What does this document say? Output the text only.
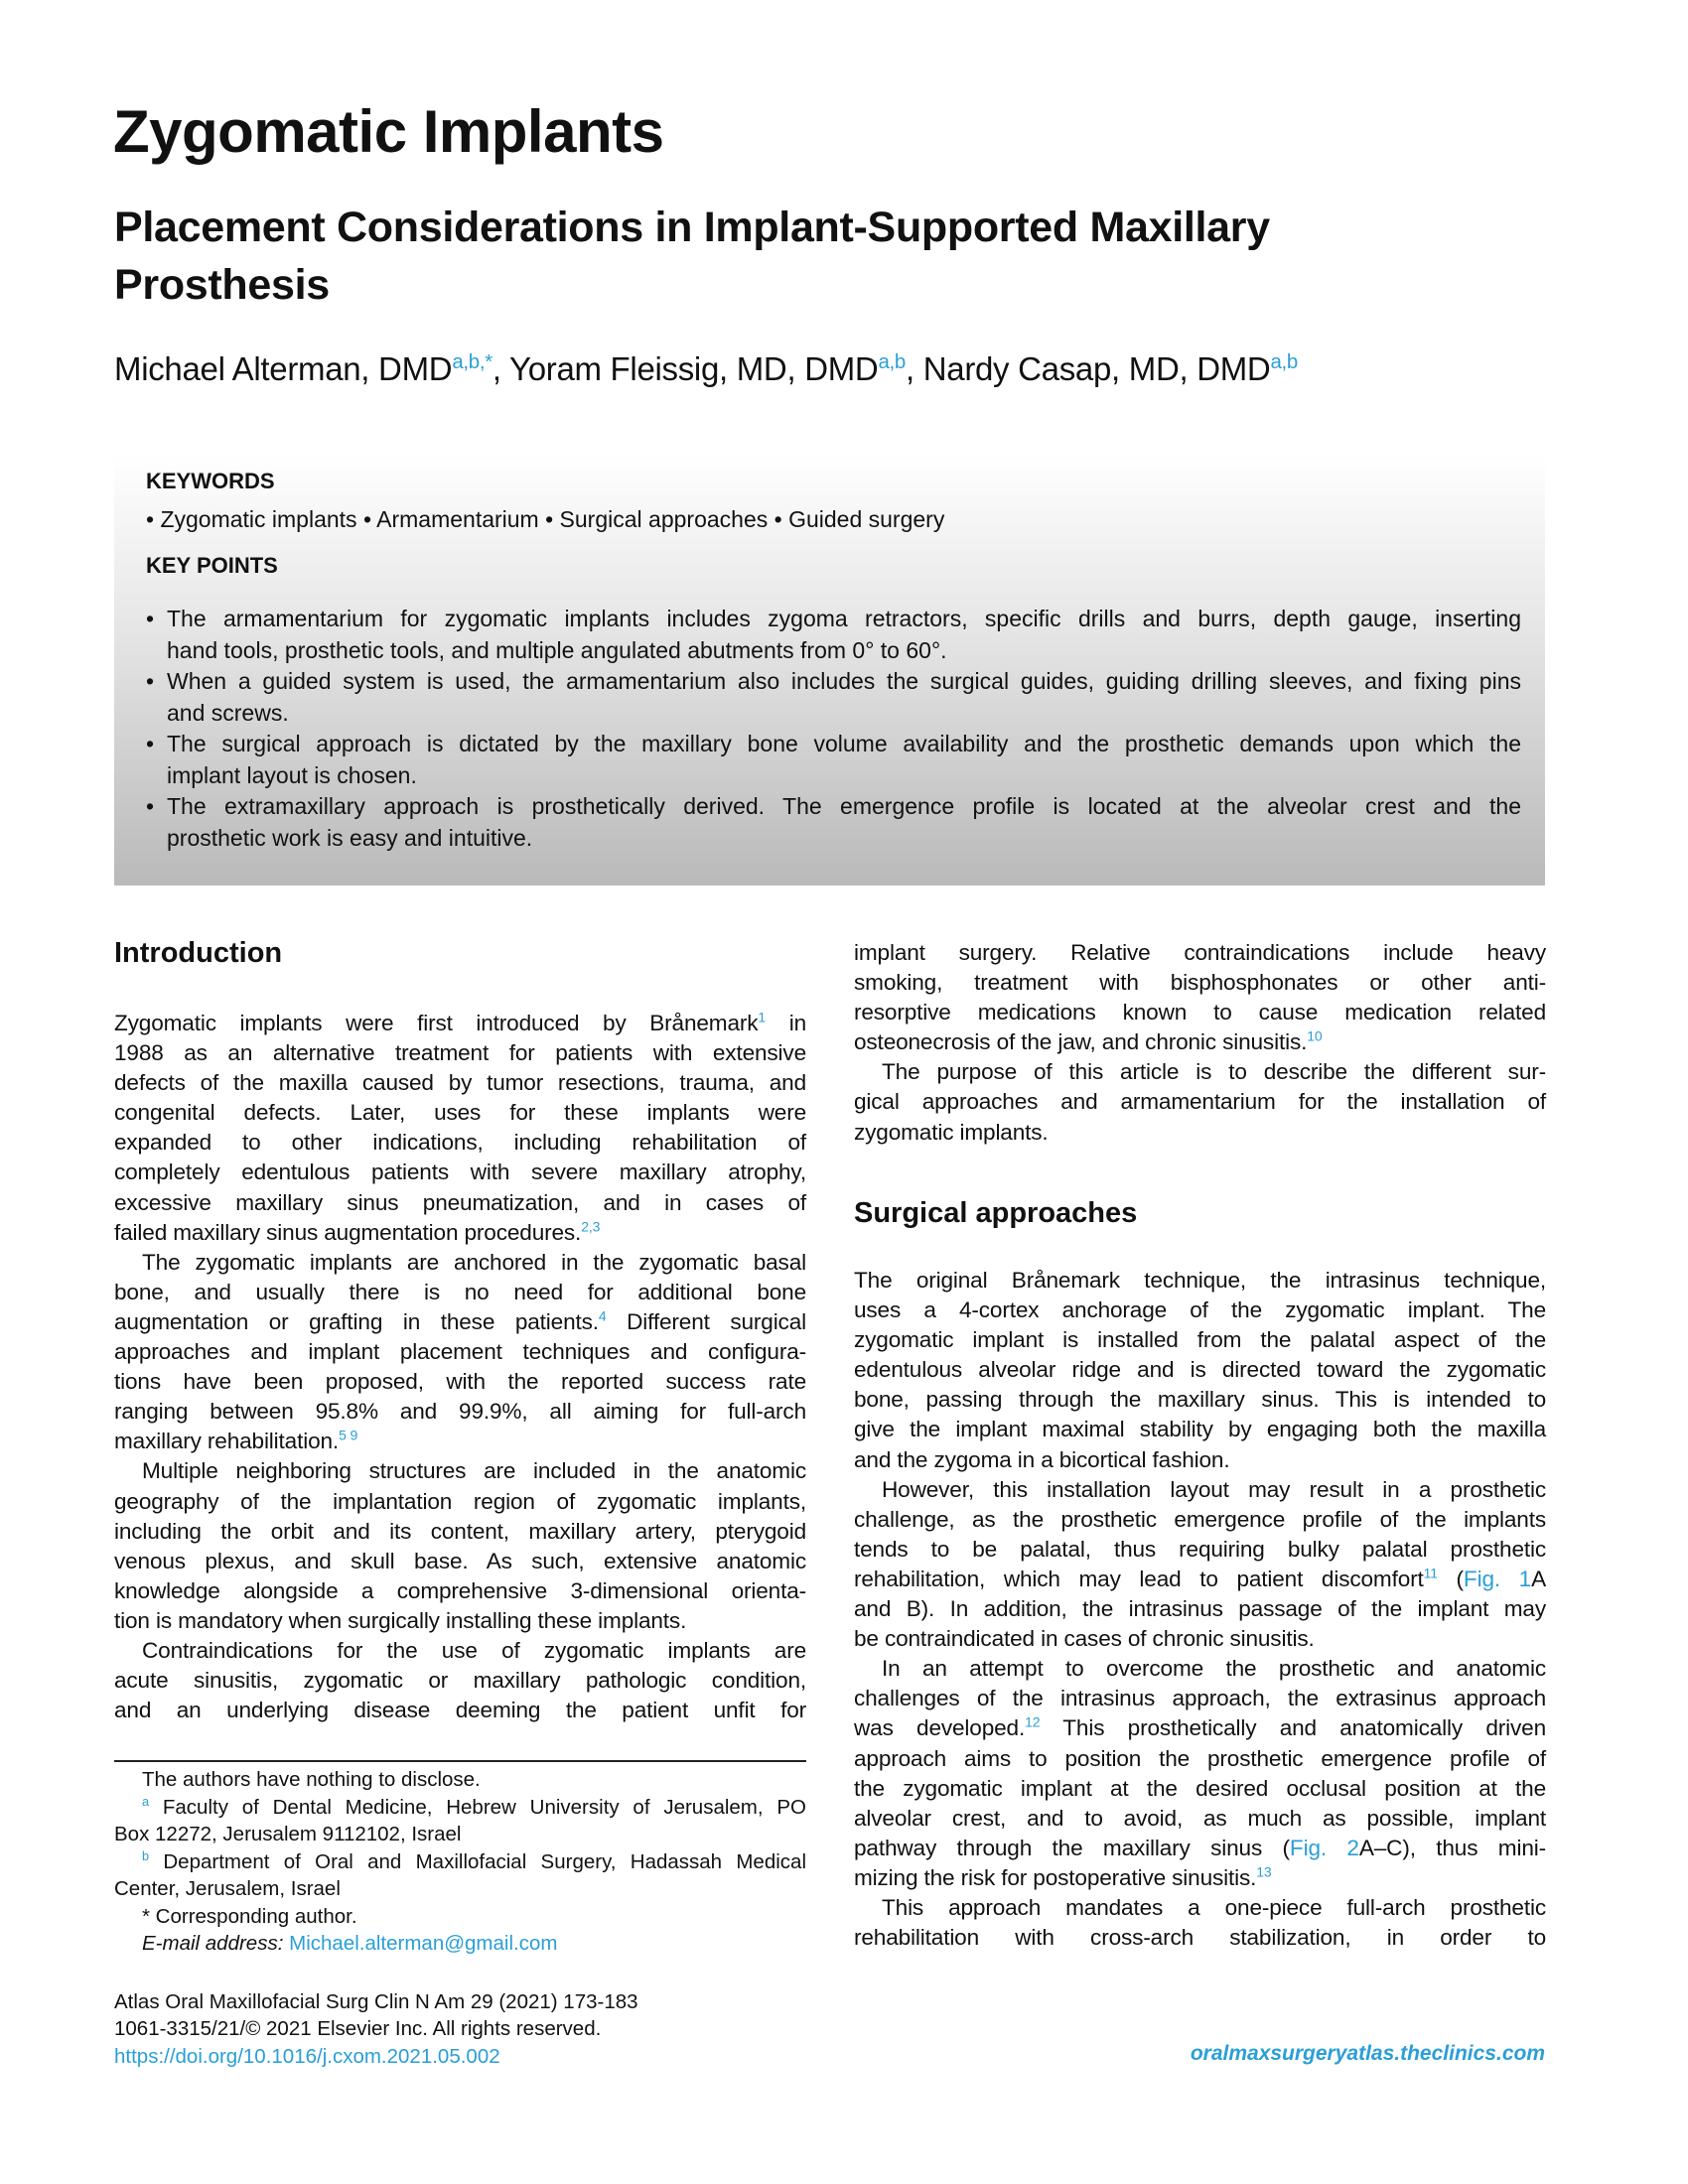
Zygomatic Implants
Placement Considerations in Implant-Supported Maxillary
Prosthesis
Michael Alterman, $DMD^{a,b,*}$, Yoram Fleissig, MD, DMD$^{a,b}$, Nardy Casap, MD, DMD$^{a,b}$
KEYWORDS
• Zygomatic implants • Armamentarium • Surgical approaches • Guided surgery
KEY POINTS
• The armamentarium for zygomatic implants includes zygoma retractors, specific drills and burrs, depth gauge, inserting
hand tools, prosthetic tools, and multiple angulated abutments from 0° to 60°.
• When a guided system is used, the armamentarium also includes the surgical guides, guiding drilling sleeves, and fixing pins
and screws.
• The surgical approach is dictated by the maxillary bone volume availability and the prosthetic demands upon which the
implant layout is chosen.
• The extramaxillary approach is prosthetically derived. The emergence profile is located at the alveolar crest and the
prosthetic work is easy and intuitive.
Introduction
Zygomatic implants were first introduced by Brånemark$^1$ in
1988 as an alternative treatment for patients with extensive
defects of the maxilla caused by tumor resections, trauma, and
congenital defects. Later, uses for these implants were
expanded to other indications, including rehabilitation of
completely edentulous patients with severe maxillary atrophy,
excessive maxillary sinus pneumatization, and in cases of
failed maxillary sinus augmentation procedures.$^{2,3}$
The zygomatic implants are anchored in the zygomatic basal
bone, and usually there is no need for additional bone
augmentation or grafting in these patients.$^4$ Different surgical
approaches and implant placement techniques and configura-
tions have been proposed, with the reported success rate
ranging between 95.8% and 99.9%, all aiming for full-arch
maxillary rehabilitation.$^{5 9}$
Multiple neighboring structures are included in the anatomic
geography of the implantation region of zygomatic implants,
including the orbit and its content, maxillary artery, pterygoid
venous plexus, and skull base. As such, extensive anatomic
knowledge alongside a comprehensive 3-dimensional orienta-
tion is mandatory when surgically installing these implants.
Contraindications for the use of zygomatic implants are
acute sinusitis, zygomatic or maxillary pathologic condition,
and an underlying disease deeming the patient unfit for
implant surgery. Relative contraindications include heavy
smoking, treatment with bisphosphonates or other anti-
resorptive medications known to cause medication related
osteonecrosis of the jaw, and chronic sinusitis.$^{10}$
The purpose of this article is to describe the different sur-
gical approaches and armamentarium for the installation of
zygomatic implants.
Surgical approaches
The original Brånemark technique, the intrasinus technique,
uses a 4-cortex anchorage of the zygomatic implant. The
zygomatic implant is installed from the palatal aspect of the
edentulous alveolar ridge and is directed toward the zygomatic
bone, passing through the maxillary sinus. This is intended to
give the implant maximal stability by engaging both the maxilla
and the zygoma in a bicortical fashion.
However, this installation layout may result in a prosthetic
challenge, as the prosthetic emergence profile of the implants
tends to be palatal, thus requiring bulky palatal prosthetic
rehabilitation, which may lead to patient discomfort$^{11}$ (Fig. 1A
and B). In addition, the intrasinus passage of the implant may
be contraindicated in cases of chronic sinusitis.
In an attempt to overcome the prosthetic and anatomic
challenges of the intrasinus approach, the extrasinus approach
was developed.$^{12}$ This prosthetically and anatomically driven
approach aims to position the prosthetic emergence profile of
the zygomatic implant at the desired occlusal position at the
alveolar crest, and to avoid, as much as possible, implant
pathway through the maxillary sinus (Fig. 2A–C), thus mini-
mizing the risk for postoperative sinusitis.$^{13}$
This approach mandates a one-piece full-arch prosthetic
rehabilitation with cross-arch stabilization, in order to
The authors have nothing to disclose.
$^a$ Faculty of Dental Medicine, Hebrew University of Jerusalem, PO
Box 12272, Jerusalem 9112102, Israel
$^b$ Department of Oral and Maxillofacial Surgery, Hadassah Medical
Center, Jerusalem, Israel
* Corresponding author.
E-mail address: Michael.alterman@gmail.com
Atlas Oral Maxillofacial Surg Clin N Am 29 (2021) 173-183
1061-3315/21/© 2021 Elsevier Inc. All rights reserved.
https://doi.org/10.1016/j.cxom.2021.05.002	oralmaxsurgeryatlas.theclinics.com
